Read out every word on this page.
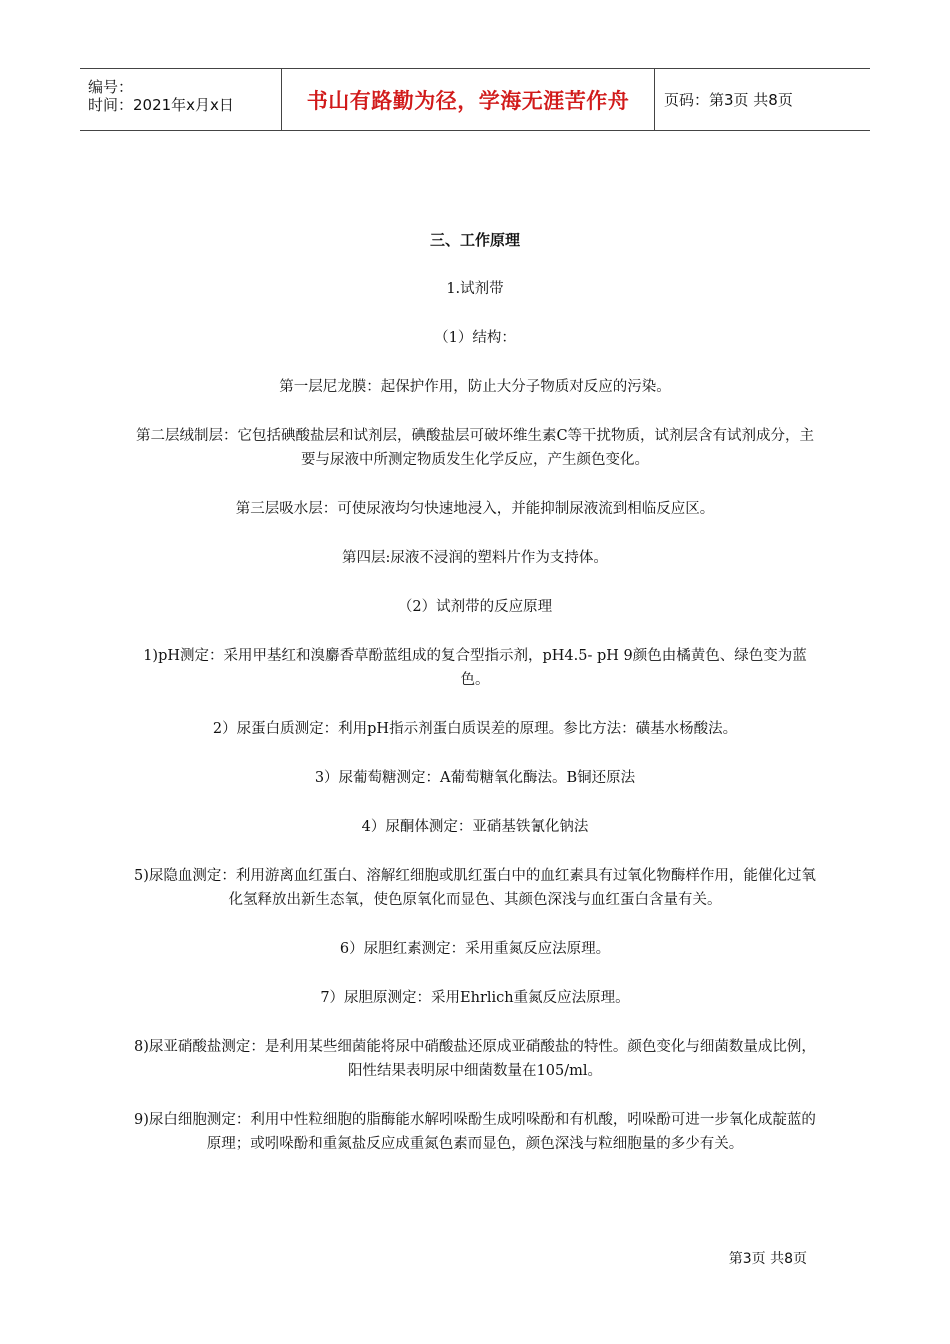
编号：
时间：2021年x月x日	书山有路勤为径，学海无涯苦作舟	页码：第3页 共8页

三、工作原理

1.试剂带

（1）结构：

第一层尼龙膜：起保护作用，防止大分子物质对反应的污染。

第二层绒制层：它包括碘酸盐层和试剂层，碘酸盐层可破坏维生素C等干扰物质，试剂层含有试剂成分，主要与尿液中所测定物质发生化学反应，产生颜色变化。

第三层吸水层：可使尿液均匀快速地浸入，并能抑制尿液流到相临反应区。

第四层:尿液不浸润的塑料片作为支持体。

（2）试剂带的反应原理

1)pH测定：采用甲基红和溴麝香草酚蓝组成的复合型指示剂，pH4.5- pH 9颜色由橘黄色、绿色变为蓝色。

2）尿蛋白质测定：利用pH指示剂蛋白质误差的原理。参比方法：磺基水杨酸法。

3）尿葡萄糖测定：A葡萄糖氧化酶法。B铜还原法

4）尿酮体测定：亚硝基铁氰化钠法

5)尿隐血测定：利用游离血红蛋白、溶解红细胞或肌红蛋白中的血红素具有过氧化物酶样作用，能催化过氧化氢释放出新生态氧，使色原氧化而显色、其颜色深浅与血红蛋白含量有关。

6）尿胆红素测定：采用重氮反应法原理。

7）尿胆原测定：采用Ehrlich重氮反应法原理。

8)尿亚硝酸盐测定：是利用某些细菌能将尿中硝酸盐还原成亚硝酸盐的特性。颜色变化与细菌数量成比例，阳性结果表明尿中细菌数量在105/ml。

9)尿白细胞测定：利用中性粒细胞的脂酶能水解吲哚酚生成吲哚酚和有机酸，吲哚酚可进一步氧化成靛蓝的原理；或吲哚酚和重氮盐反应成重氮色素而显色，颜色深浅与粒细胞量的多少有关。

第3页 共8页
